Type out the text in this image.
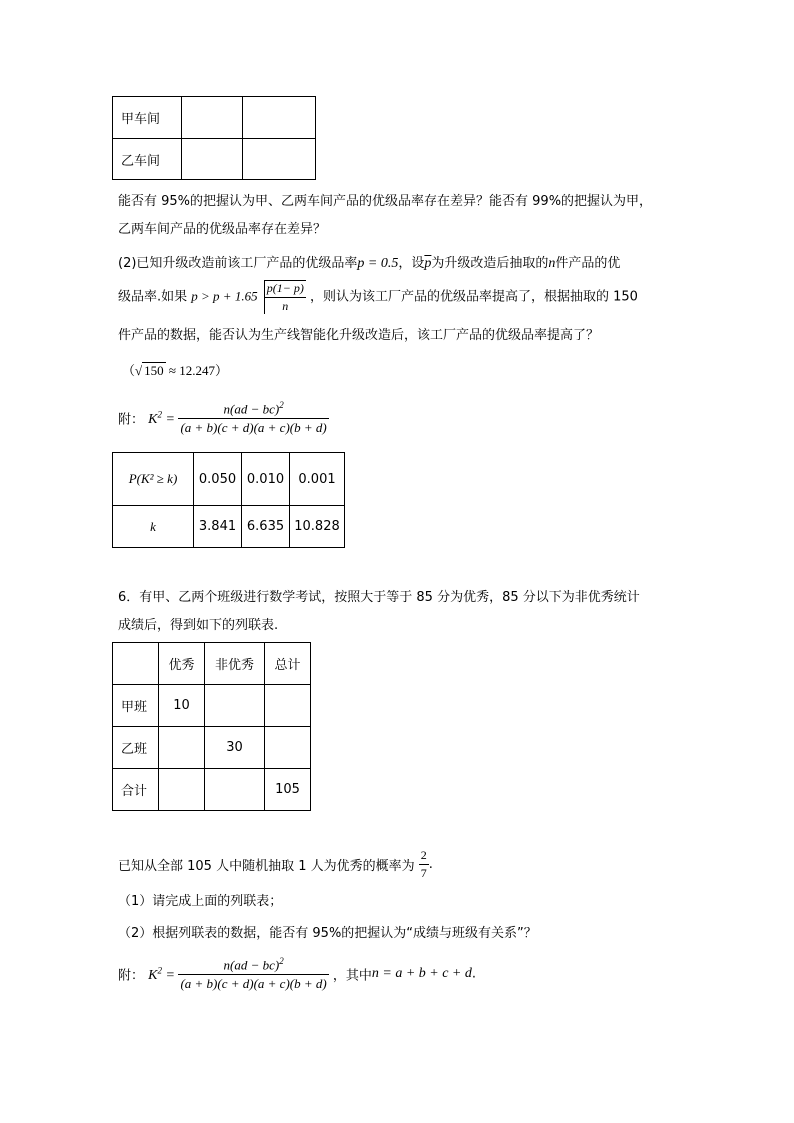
甲车间		
乙车间		
能否有 95%的把握认为甲、乙两车间产品的优级品率存在差异？能否有 99%的把握认为甲，
乙两车间产品的优级品率存在差异？
(2)已知升级改造前该工厂产品的优级品率p = 0.5，设$\overline{p}$为升级改造后抽取的n件产品的优
级品率.如果 $p > p + 1.65 \frac{p(1- p)}{n}$ ，则认为该工厂产品的优级品率提高了，根据抽取的 150
件产品的数据，能否认为生产线智能化升级改造后，该工厂产品的优级品率提高了？
（√ 150 ≈ 12.247）
附： $K^2 = \frac{n(ad - bc)^2}{(a + b)(c + d)(a + c)(b + d)}$
P(K² ≥ k)	0.050	0.010	0.001
k	3.841	6.635	10.828
6．有甲、乙两个班级进行数学考试，按照大于等于 85 分为优秀，85 分以下为非优秀统计
成绩后，得到如下的列联表.
	优秀	非优秀	总计
甲班	10		
乙班		30	
合计			105
已知从全部 105 人中随机抽取 1 人为优秀的概率为 $\frac{2}{7}$ .
（1）请完成上面的列联表；
（2）根据列联表的数据，能否有 95%的把握认为“成绩与班级有关系”？
附： $K^2 = \frac{n(ad - bc)^2}{(a + b)(c + d)(a + c)(b + d)}$ ，其中n = a + b + c + d.
